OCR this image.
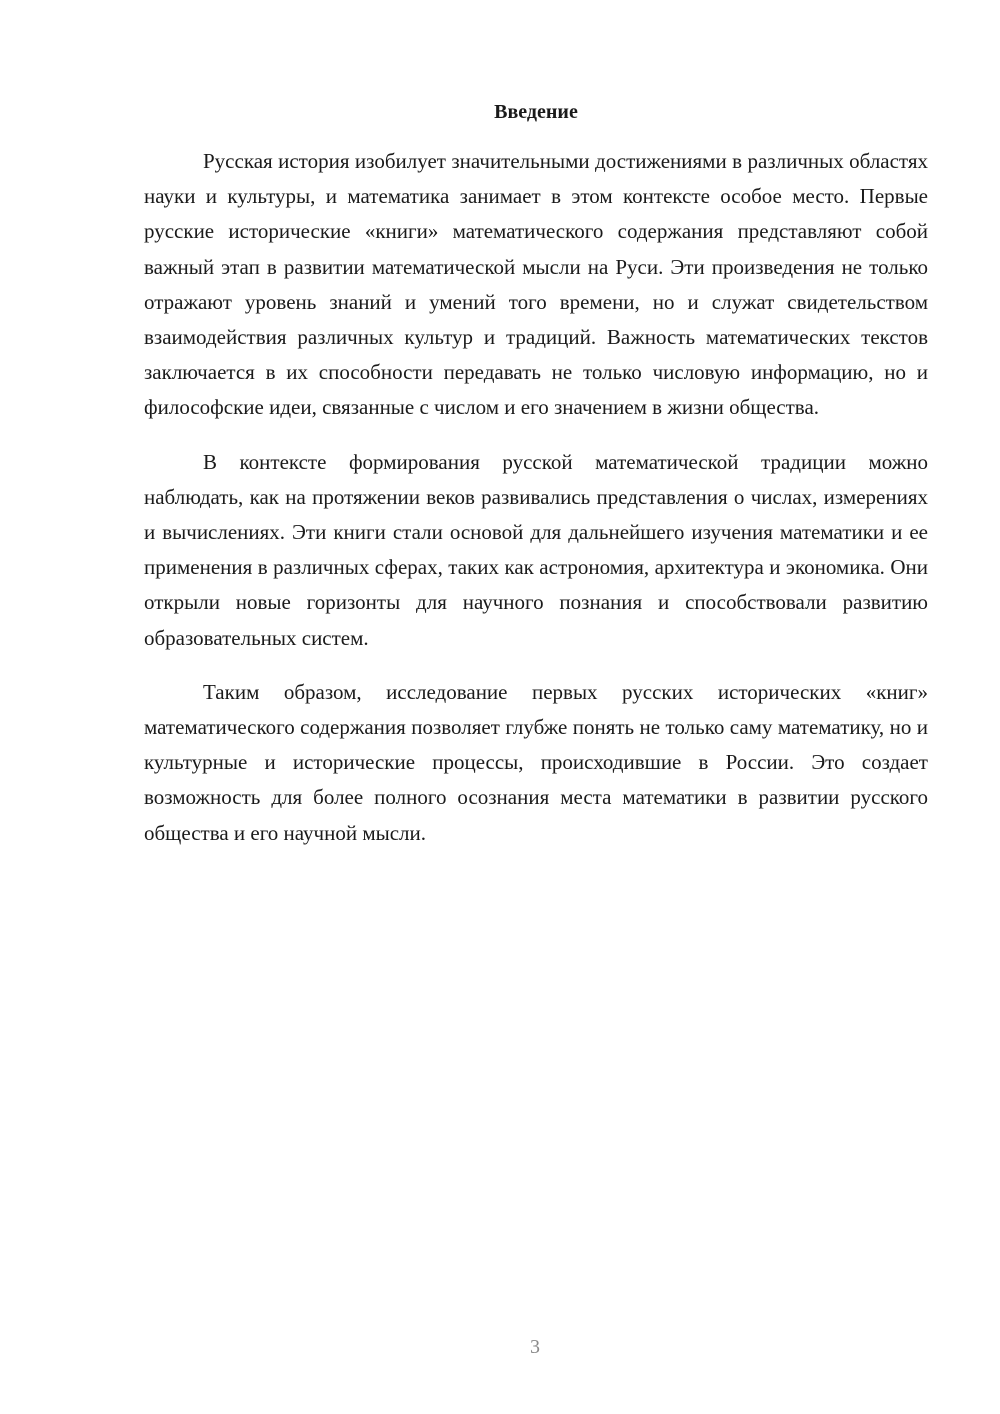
Введение

Русская история изобилует значительными достижениями в различных областях науки и культуры, и математика занимает в этом контексте особое место. Первые русские исторические «книги» математического содержания представляют собой важный этап в развитии математической мысли на Руси. Эти произведения не только отражают уровень знаний и умений того времени, но и служат свидетельством взаимодействия различных культур и традиций. Важность математических текстов заключается в их способности передавать не только числовую информацию, но и философские идеи, связанные с числом и его значением в жизни общества.

В контексте формирования русской математической традиции можно наблюдать, как на протяжении веков развивались представления о числах, измерениях и вычислениях. Эти книги стали основой для дальнейшего изучения математики и ее применения в различных сферах, таких как астрономия, архитектура и экономика. Они открыли новые горизонты для научного познания и способствовали развитию образовательных систем.

Таким образом, исследование первых русских исторических «книг» математического содержания позволяет глубже понять не только саму математику, но и культурные и исторические процессы, происходившие в России. Это создает возможность для более полного осознания места математики в развитии русского общества и его научной мысли.

3
